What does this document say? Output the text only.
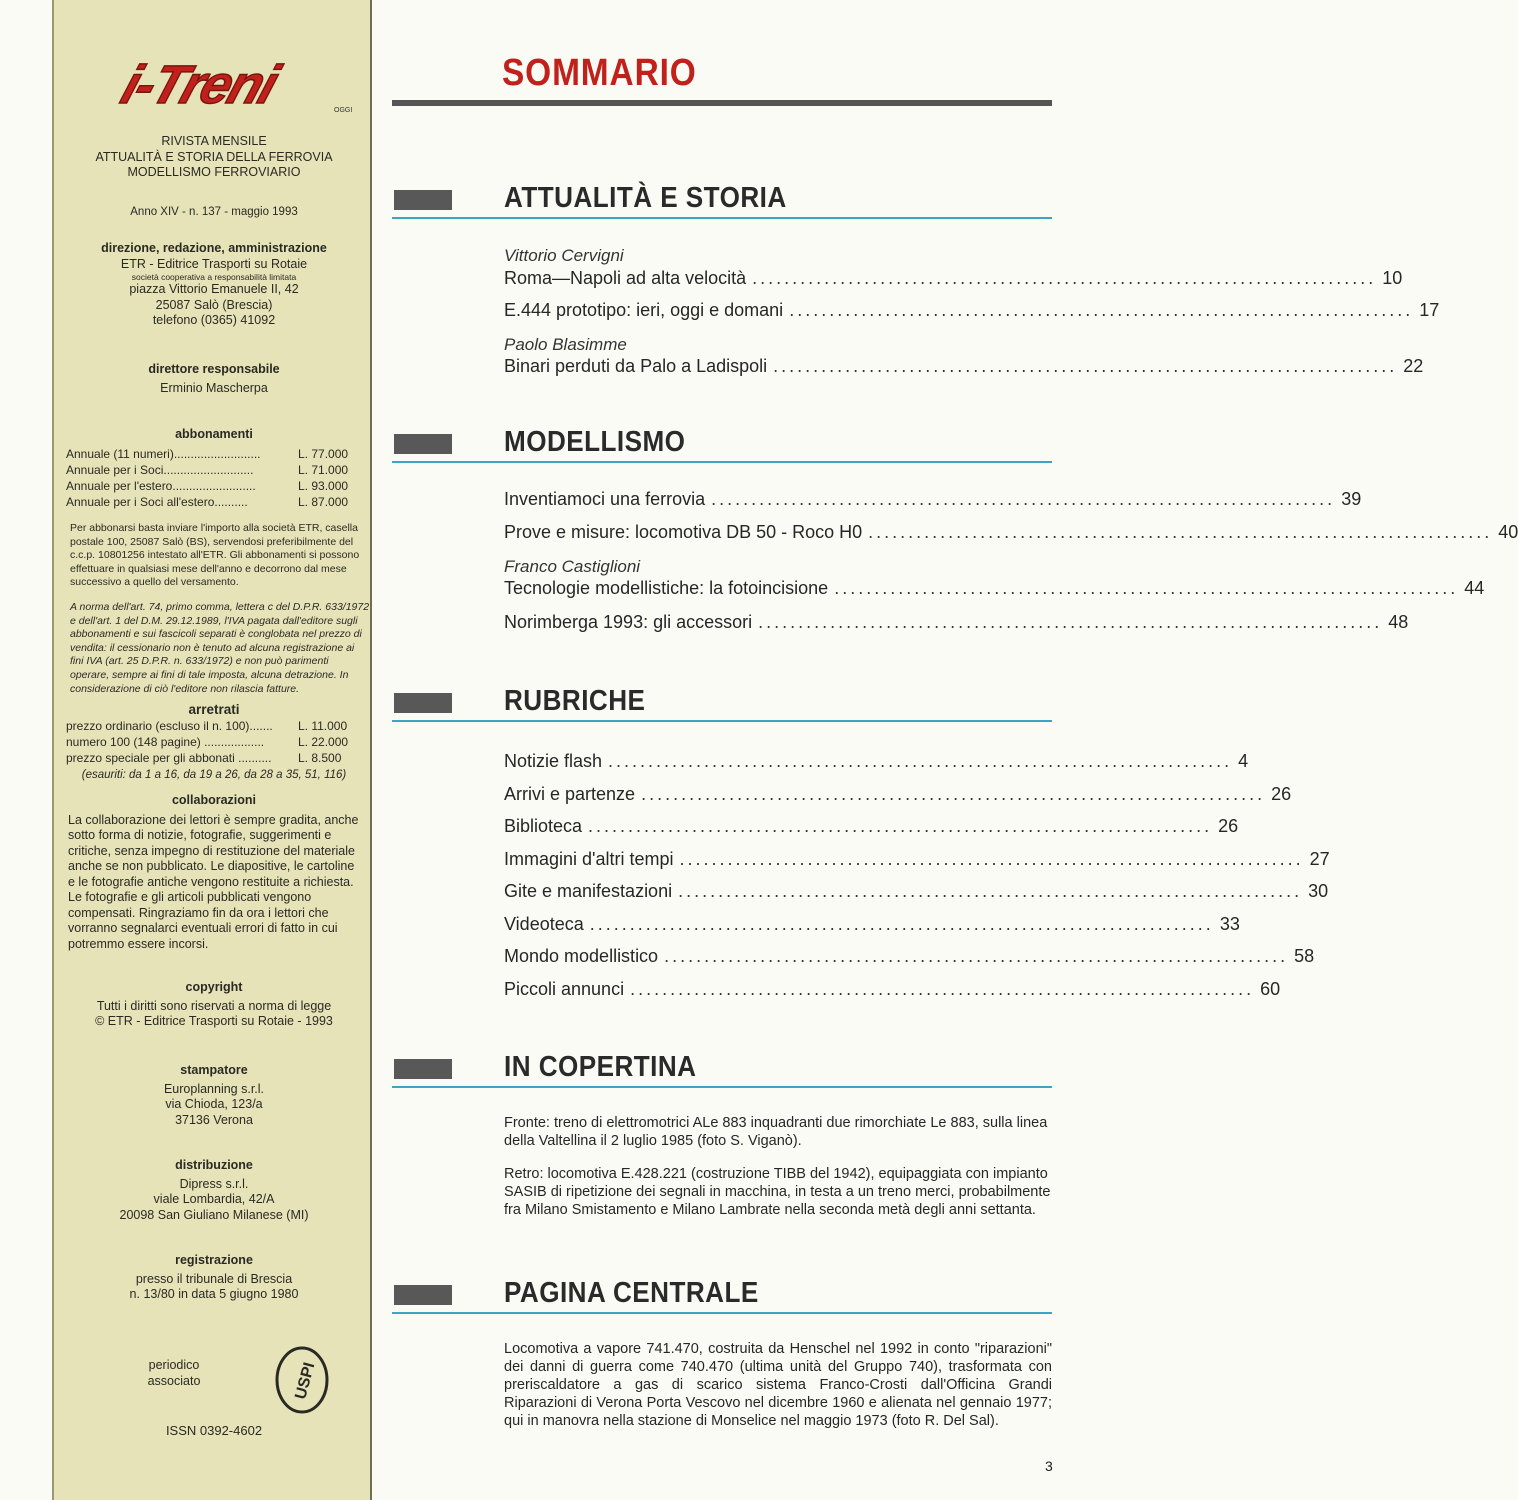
i-Treni	OGGI
RIVISTA MENSILE
ATTUALITÀ E STORIA DELLA FERROVIA
MODELLISMO FERROVIARIO
Anno XIV - n. 137 - maggio 1993
direzione, redazione, amministrazione
ETR - Editrice Trasporti su Rotaie
società cooperativa a responsabilità limitata
piazza Vittorio Emanuele II, 42
25087 Salò (Brescia)
telefono (0365) 41092
direttore responsabile
Erminio Mascherpa
abbonamenti
Annuale (11 numeri)..........................	L. 77.000
Annuale per i Soci...........................	L. 71.000
Annuale per l'estero.........................	L. 93.000
Annuale per i Soci all'estero..........	L. 87.000
Per abbonarsi basta inviare l'importo alla società ETR, casella postale 100, 25087 Salò (BS), servendosi preferibilmente del c.c.p. 10801256 intestato all'ETR. Gli abbonamenti si possono effettuare in qualsiasi mese dell'anno e decorrono dal mese successivo a quello del versamento.
A norma dell'art. 74, primo comma, lettera c del D.P.R. 633/1972 e dell'art. 1 del D.M. 29.12.1989, l'IVA pagata dall'editore sugli abbonamenti e sui fascicoli separati è conglobata nel prezzo di vendita: il cessionario non è tenuto ad alcuna registrazione ai fini IVA (art. 25 D.P.R. n. 633/1972) e non può parimenti operare, sempre ai fini di tale imposta, alcuna detrazione. In considerazione di ciò l'editore non rilascia fatture.
arretrati
prezzo ordinario (escluso il n. 100).......	L. 11.000
numero 100 (148 pagine) ..................	L. 22.000
prezzo speciale per gli abbonati ..........	L. 8.500
(esauriti: da 1 a 16, da 19 a 26, da 28 a 35, 51, 116)
collaborazioni
La collaborazione dei lettori è sempre gradita, anche sotto forma di notizie, fotografie, suggerimenti e critiche, senza impegno di restituzione del materiale anche se non pubblicato. Le diapositive, le cartoline e le fotografie antiche vengono restituite a richiesta. Le fotografie e gli articoli pubblicati vengono compensati. Ringraziamo fin da ora i lettori che vorranno segnalarci eventuali errori di fatto in cui potremmo essere incorsi.
copyright
Tutti i diritti sono riservati a norma di legge
© ETR - Editrice Trasporti su Rotaie - 1993
stampatore
Europlanning s.r.l.
via Chioda, 123/a
37136 Verona
distribuzione
Dipress s.r.l.
viale Lombardia, 42/A
20098 San Giuliano Milanese (MI)
registrazione
presso il tribunale di Brescia
n. 13/80 in data 5 giugno 1980
periodico
associato	USPI
ISSN 0392-4602
SOMMARIO
ATTUALITÀ E STORIA
Vittorio Cervigni
Roma—Napoli ad alta velocità .............................................................................. 10
E.444 prototipo: ieri, oggi e domani .............................................................................. 17
Paolo Blasimme
Binari perduti da Palo a Ladispoli .............................................................................. 22
MODELLISMO
Inventiamoci una ferrovia .............................................................................. 39
Prove e misure: locomotiva DB 50 - Roco H0 .............................................................................. 40
Franco Castiglioni
Tecnologie modellistiche: la fotoincisione .............................................................................. 44
Norimberga 1993: gli accessori .............................................................................. 48
RUBRICHE
Notizie flash .............................................................................. 4
Arrivi e partenze .............................................................................. 26
Biblioteca .............................................................................. 26
Immagini d'altri tempi .............................................................................. 27
Gite e manifestazioni .............................................................................. 30
Videoteca .............................................................................. 33
Mondo modellistico .............................................................................. 58
Piccoli annunci .............................................................................. 60
IN COPERTINA
Fronte: treno di elettromotrici ALe 883 inquadranti due rimorchiate Le 883, sulla linea della Valtellina il 2 luglio 1985 (foto S. Viganò).
Retro: locomotiva E.428.221 (costruzione TIBB del 1942), equipaggiata con impianto SASIB di ripetizione dei segnali in macchina, in testa a un treno merci, probabilmente fra Milano Smistamento e Milano Lambrate nella seconda metà degli anni settanta.
PAGINA CENTRALE
Locomotiva a vapore 741.470, costruita da Henschel nel 1992 in conto "riparazioni" dei danni di guerra come 740.470 (ultima unità del Gruppo 740), trasformata con preriscaldatore a gas di scarico sistema Franco-Crosti dall'Officina Grandi Riparazioni di Verona Porta Vescovo nel dicembre 1960 e alienata nel gennaio 1977; qui in manovra nella stazione di Monselice nel maggio 1973 (foto R. Del Sal).
3
